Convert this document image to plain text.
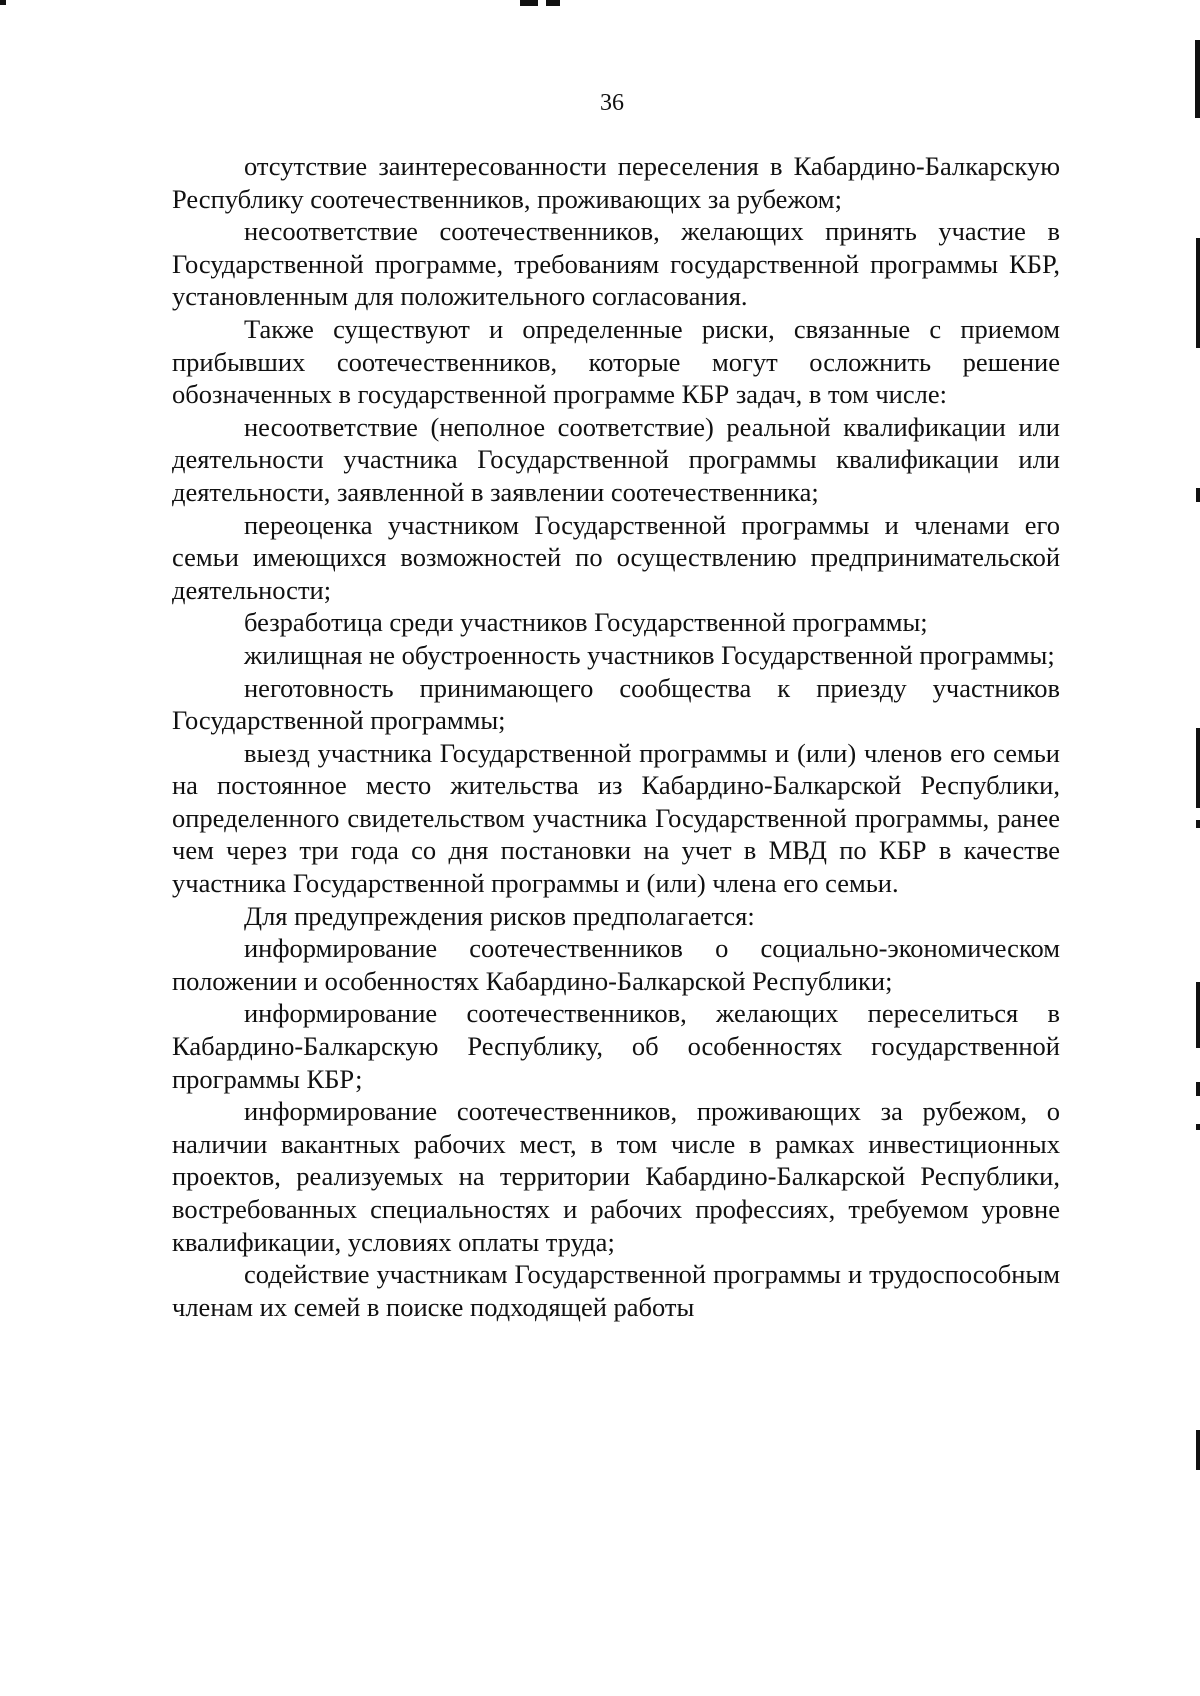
36

отсутствие заинтересованности переселения в Кабардино-Балкарскую Республику соотечественников, проживающих за рубежом;

несоответствие соотечественников, желающих принять участие в Государственной программе, требованиям государственной программы КБР, установленным для положительного согласования.

Также существуют и определенные риски, связанные с приемом прибывших соотечественников, которые могут осложнить решение обозначенных в государственной программе КБР задач, в том числе:

несоответствие (неполное соответствие) реальной квалификации или деятельности участника Государственной программы квалификации или деятельности, заявленной в заявлении соотечественника;

переоценка участником Государственной программы и членами его семьи имеющихся возможностей по осуществлению предпринимательской деятельности;

безработица среди участников Государственной программы;

жилищная не обустроенность участников Государственной программы;

неготовность принимающего сообщества к приезду участников Государственной программы;

выезд участника Государственной программы и (или) членов его семьи на постоянное место жительства из Кабардино-Балкарской Республики, определенного свидетельством участника Государственной программы, ранее чем через три года со дня постановки на учет в МВД по КБР в качестве участника Государственной программы и (или) члена его семьи.

Для предупреждения рисков предполагается:

информирование соотечественников о социально-экономическом положении и особенностях Кабардино-Балкарской Республики;

информирование соотечественников, желающих переселиться в Кабардино-Балкарскую Республику, об особенностях государственной программы КБР;

информирование соотечественников, проживающих за рубежом, о наличии вакантных рабочих мест, в том числе в рамках инвестиционных проектов, реализуемых на территории Кабардино-Балкарской Республики, востребованных специальностях и рабочих профессиях, требуемом уровне квалификации, условиях оплаты труда;

содействие участникам Государственной программы и трудоспособным членам их семей в поиске подходящей работы
